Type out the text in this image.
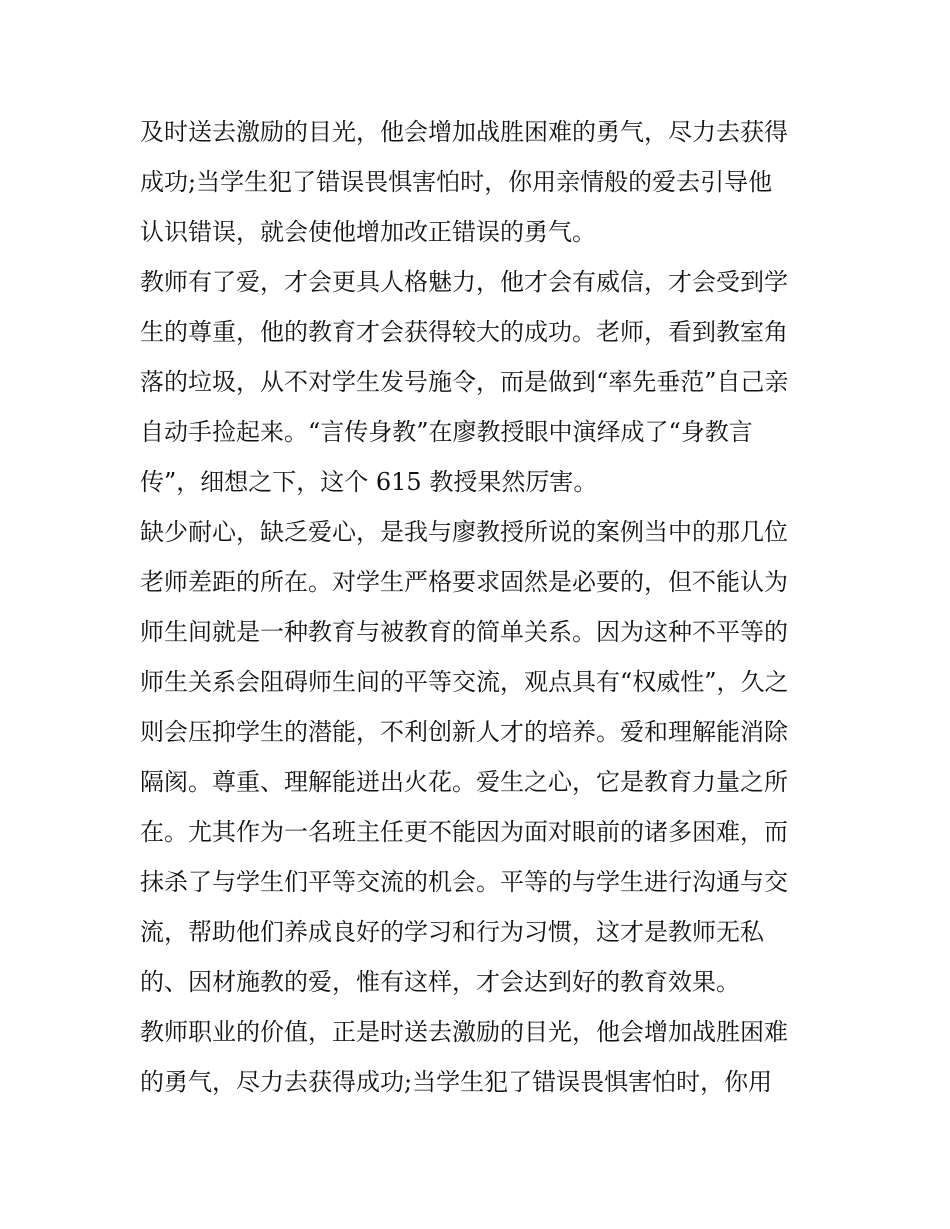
及时送去激励的目光，他会增加战胜困难的勇气，尽力去获得
成功;当学生犯了错误畏惧害怕时，你用亲情般的爱去引导他
认识错误，就会使他增加改正错误的勇气。
教师有了爱，才会更具人格魅力，他才会有威信，才会受到学
生的尊重，他的教育才会获得较大的成功。老师，看到教室角
落的垃圾，从不对学生发号施令，而是做到“率先垂范”自己亲
自动手捡起来。“言传身教”在廖教授眼中演绎成了“身教言
传”，细想之下，这个 615 教授果然厉害。
缺少耐心，缺乏爱心，是我与廖教授所说的案例当中的那几位
老师差距的所在。对学生严格要求固然是必要的，但不能认为
师生间就是一种教育与被教育的简单关系。因为这种不平等的
师生关系会阻碍师生间的平等交流，观点具有“权威性”，久之
则会压抑学生的潜能，不利创新人才的培养。爱和理解能消除
隔阂。尊重、理解能迸出火花。爱生之心，它是教育力量之所
在。尤其作为一名班主任更不能因为面对眼前的诸多困难，而
抹杀了与学生们平等交流的机会。平等的与学生进行沟通与交
流，帮助他们养成良好的学习和行为习惯，这才是教师无私
的、因材施教的爱，惟有这样，才会达到好的教育效果。
教师职业的价值，正是时送去激励的目光，他会增加战胜困难
的勇气，尽力去获得成功;当学生犯了错误畏惧害怕时，你用
